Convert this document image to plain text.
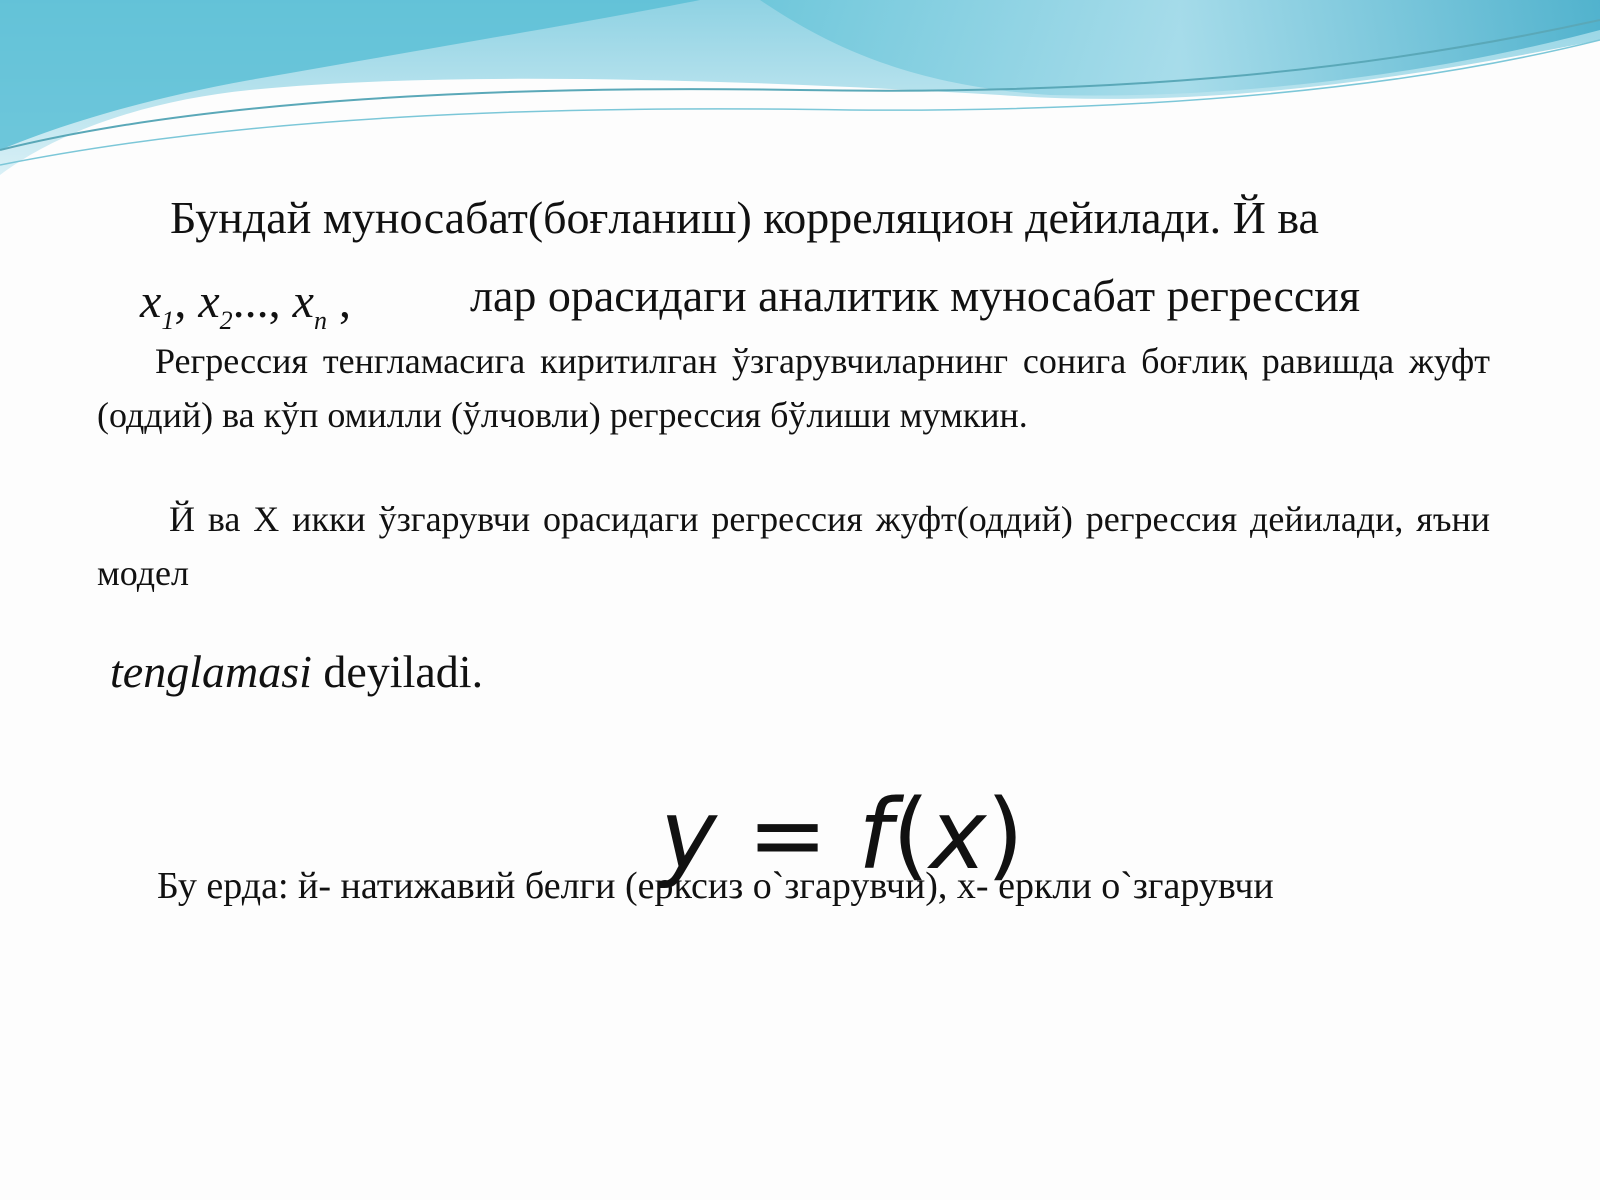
Бундай муносабат(боғланиш) корреляцион дейилади. Й ва
$x_1$, $x_2$..., $x_n$ ,	лар орасидаги аналитик муносабат регрессия
Регрессия тенгламасига киритилган ўзгарувчиларнинг сонига боғлиқ равишда жуфт (оддий) ва кўп омилли (ўлчовли) регрессия бўлиши мумкин.
Й ва X икки ўзгарувчи орасидаги регрессия жуфт(оддий) регрессия дейилади, яъни модел
tenglamasi deyiladi.
y = f(x)
Бу ерда: й- натижавий белги (ерксиз о`згарувчи), х- еркли о`згарувчи
